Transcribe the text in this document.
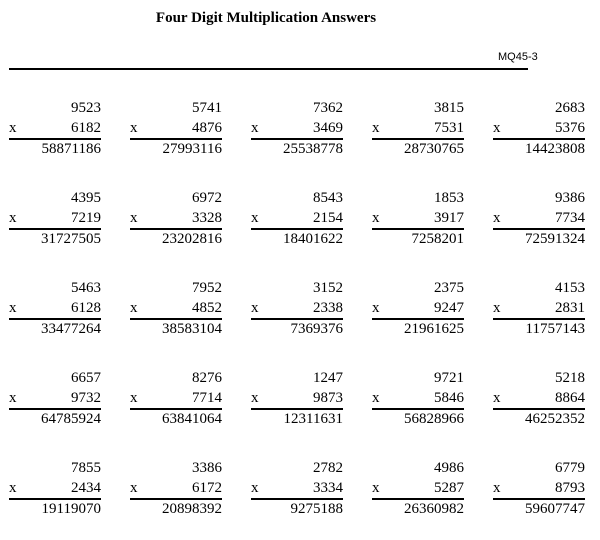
Four Digit Multiplication Answers
MQ45-3
9523
x	6182
58871186
5741
x	4876
27993116
7362
x	3469
25538778
3815
x	7531
28730765
2683
x	5376
14423808
4395
x	7219
31727505
6972
x	3328
23202816
8543
x	2154
18401622
1853
x	3917
7258201
9386
x	7734
72591324
5463
x	6128
33477264
7952
x	4852
38583104
3152
x	2338
7369376
2375
x	9247
21961625
4153
x	2831
11757143
6657
x	9732
64785924
8276
x	7714
63841064
1247
x	9873
12311631
9721
x	5846
56828966
5218
x	8864
46252352
7855
x	2434
19119070
3386
x	6172
20898392
2782
x	3334
9275188
4986
x	5287
26360982
6779
x	8793
59607747
